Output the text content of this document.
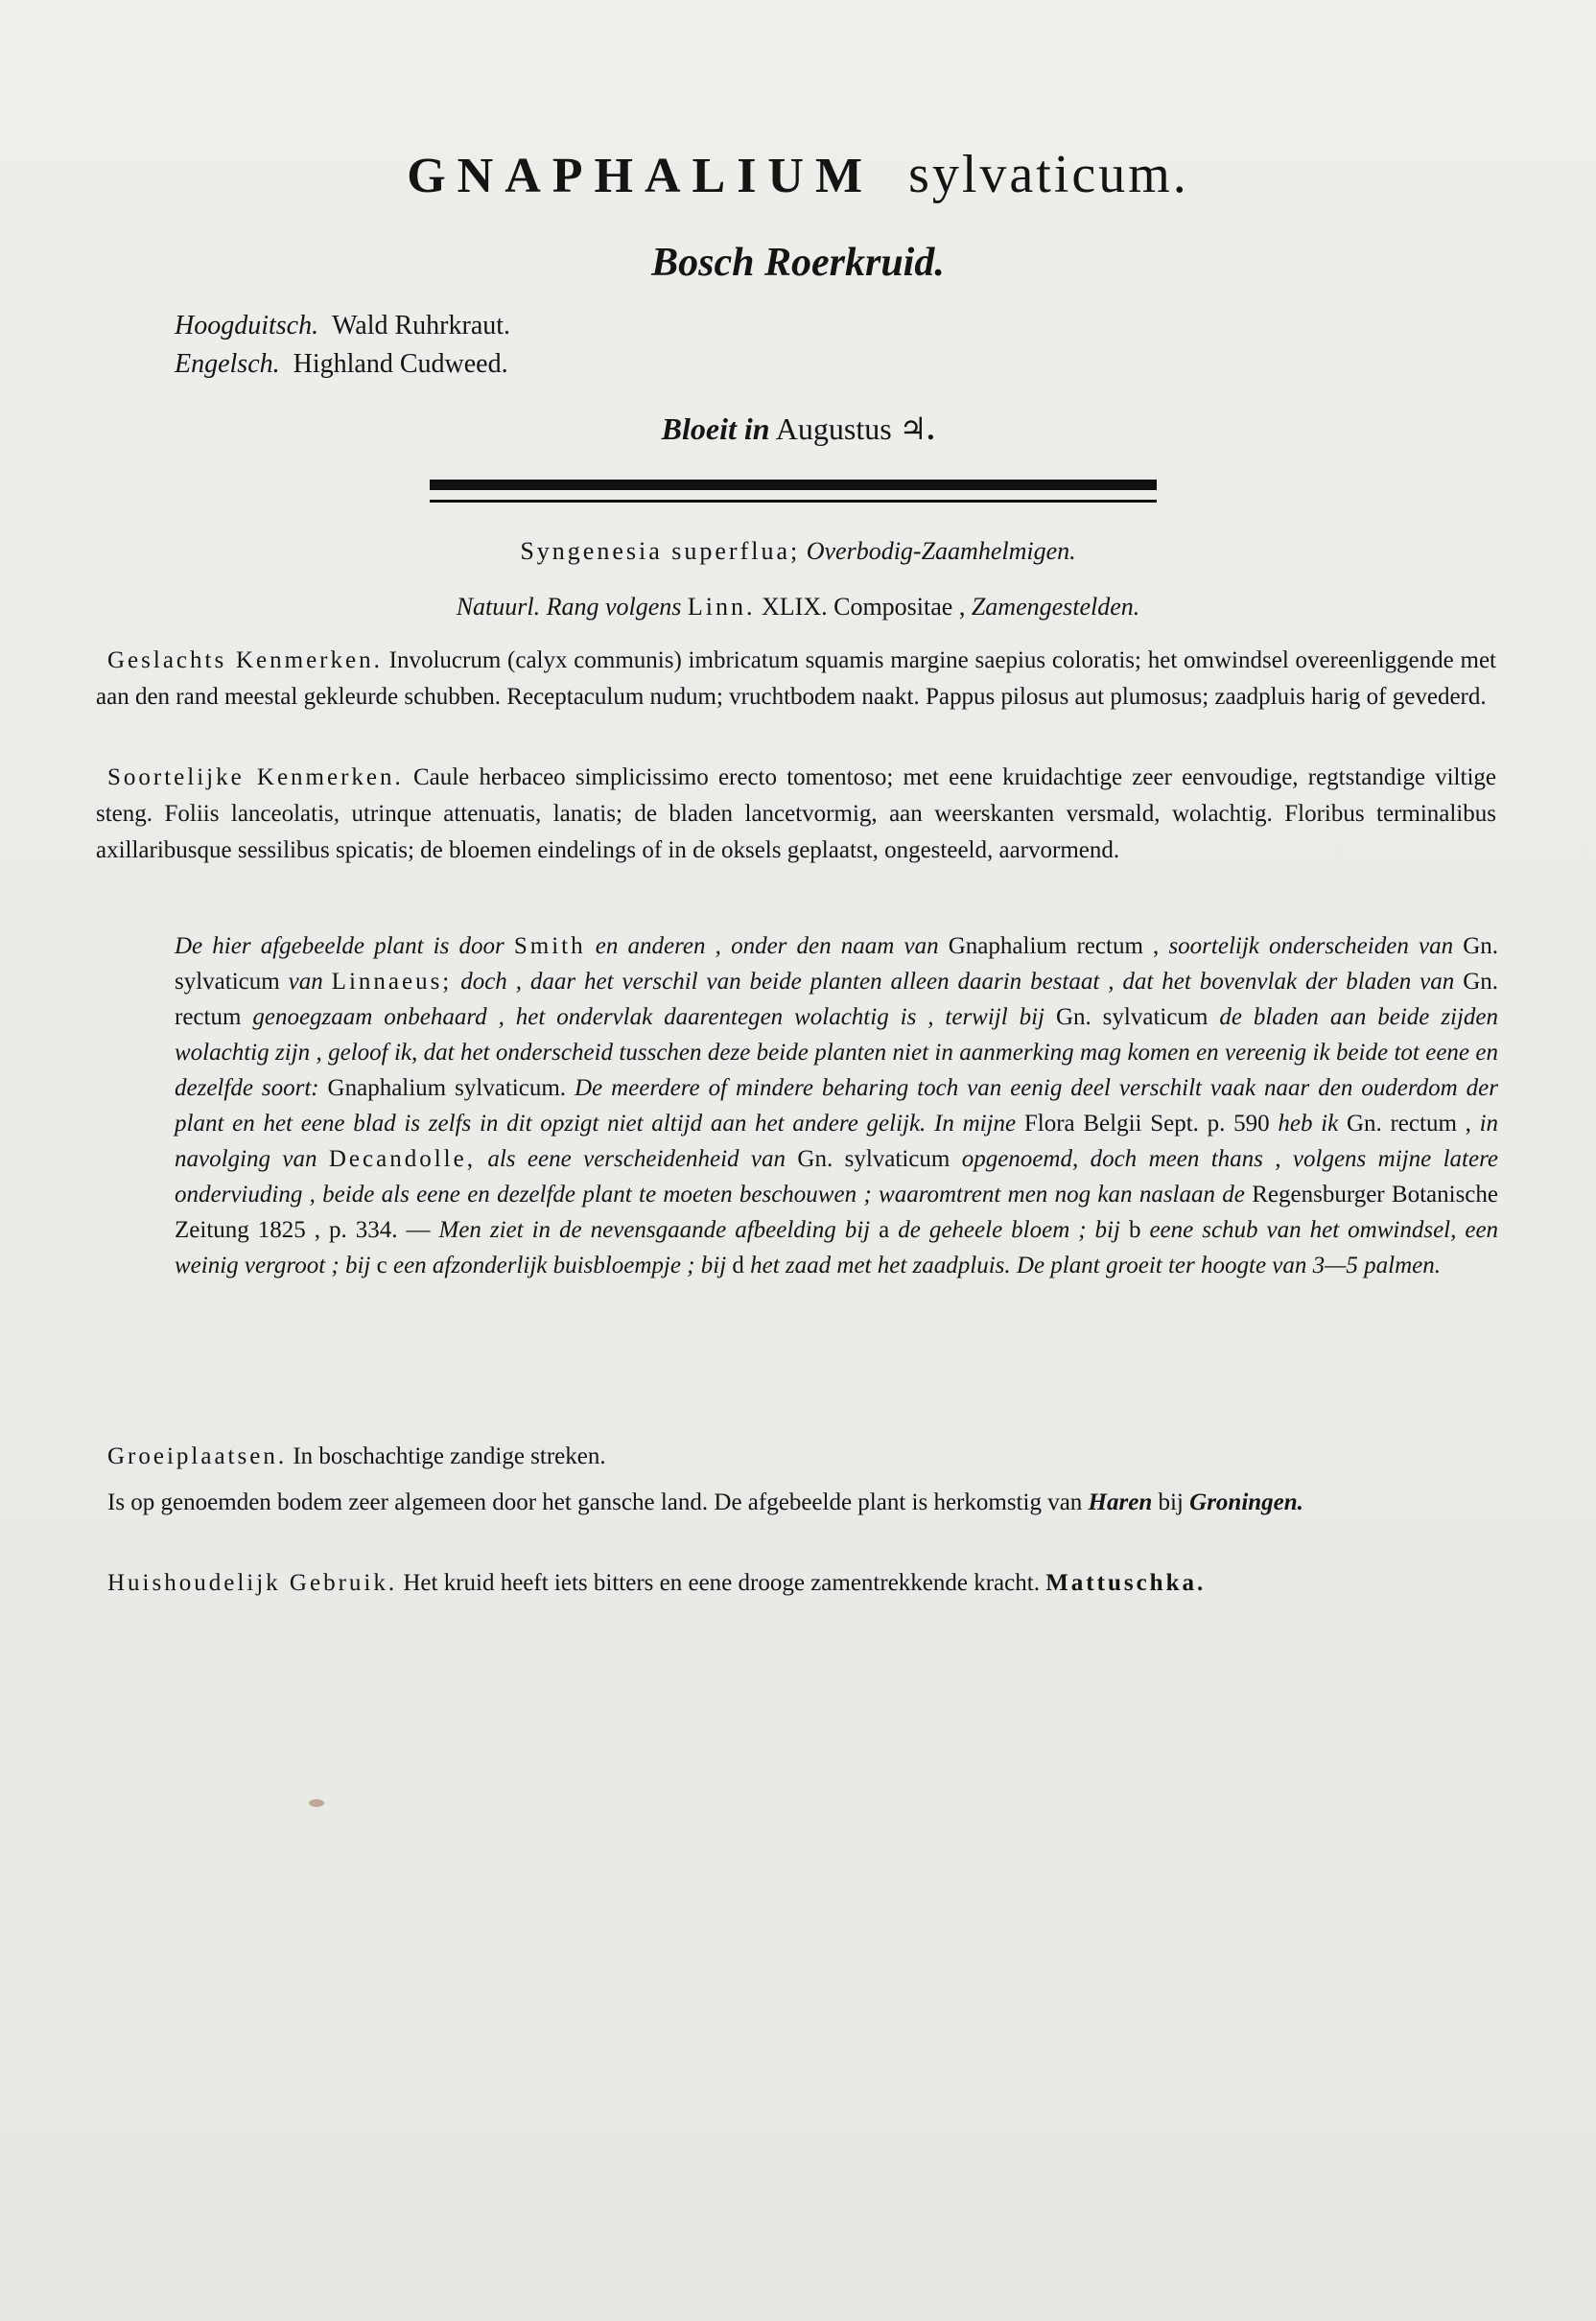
GNAPHALIUM sylvaticum.
Bosch Roerkruid.
Hoogduitsch. Wald Ruhrkraut.
Engelsch. Highland Cudweed.
Bloeit in Augustus ♃.
Syngenesia superflua; Overbodig-Zaamhelmigen.
Natuurl. Rang volgens Linn. XLIX. Compositae , Zamengestelden.
Geslachts Kenmerken. Involucrum (calyx communis) imbricatum squamis margine saepius coloratis; het omwindsel overeenliggende met aan den rand meestal gekleurde schubben. Receptaculum nudum; vruchtbodem naakt. Pappus pilosus aut plumosus; zaadpluis harig of gevederd.
Soortelijke Kenmerken. Caule herbaceo simplicissimo erecto tomentoso; met eene kruidachtige zeer eenvoudige, regtstandige viltige steng. Foliis lanceolatis, utrinque attenuatis, lanatis; de bladen lancetvormig, aan weerskanten versmald, wolachtig. Floribus terminalibus axillaribusque sessilibus spicatis; de bloemen eindelings of in de oksels geplaatst, ongesteeld, aarvormend.
De hier afgebeelde plant is door Smith en anderen , onder den naam van Gnaphalium rectum , soortelijk onderscheiden van Gn. sylvaticum van Linnaeus; doch , daar het verschil van beide planten alleen daarin bestaat , dat het bovenvlak der bladen van Gn. rectum genoegzaam onbehaard , het ondervlak daarentegen wolachtig is , terwijl bij Gn. sylvaticum de bladen aan beide zijden wolachtig zijn , geloof ik, dat het onderscheid tusschen deze beide planten niet in aanmerking mag komen en vereenig ik beide tot eene en dezelfde soort: Gnaphalium sylvaticum. De meerdere of mindere beharing toch van eenig deel verschilt vaak naar den ouderdom der plant en het eene blad is zelfs in dit opzigt niet altijd aan het andere gelijk. In mijne Flora Belgii Sept. p. 590 heb ik Gn. rectum , in navolging van Decandolle, als eene verscheidenheid van Gn. sylvaticum opgenoemd, doch meen thans , volgens mijne latere onderviuding , beide als eene en dezelfde plant te moeten beschouwen ; waaromtrent men nog kan naslaan de Regensburger Botanische Zeitung 1825 , p. 334. — Men ziet in de nevensgaande afbeelding bij a de geheele bloem ; bij b eene schub van het omwindsel, een weinig vergroot ; bij c een afzonderlijk buisbloempje ; bij d het zaad met het zaadpluis. De plant groeit ter hoogte van 3—5 palmen.
Groeiplaatsen. In boschachtige zandige streken.
Is op genoemden bodem zeer algemeen door het gansche land. De afgebeelde plant is herkomstig van Haren bij Groningen.
Huishoudelijk Gebruik. Het kruid heeft iets bitters en eene drooge zamentrekkende kracht. Mattuschka.
